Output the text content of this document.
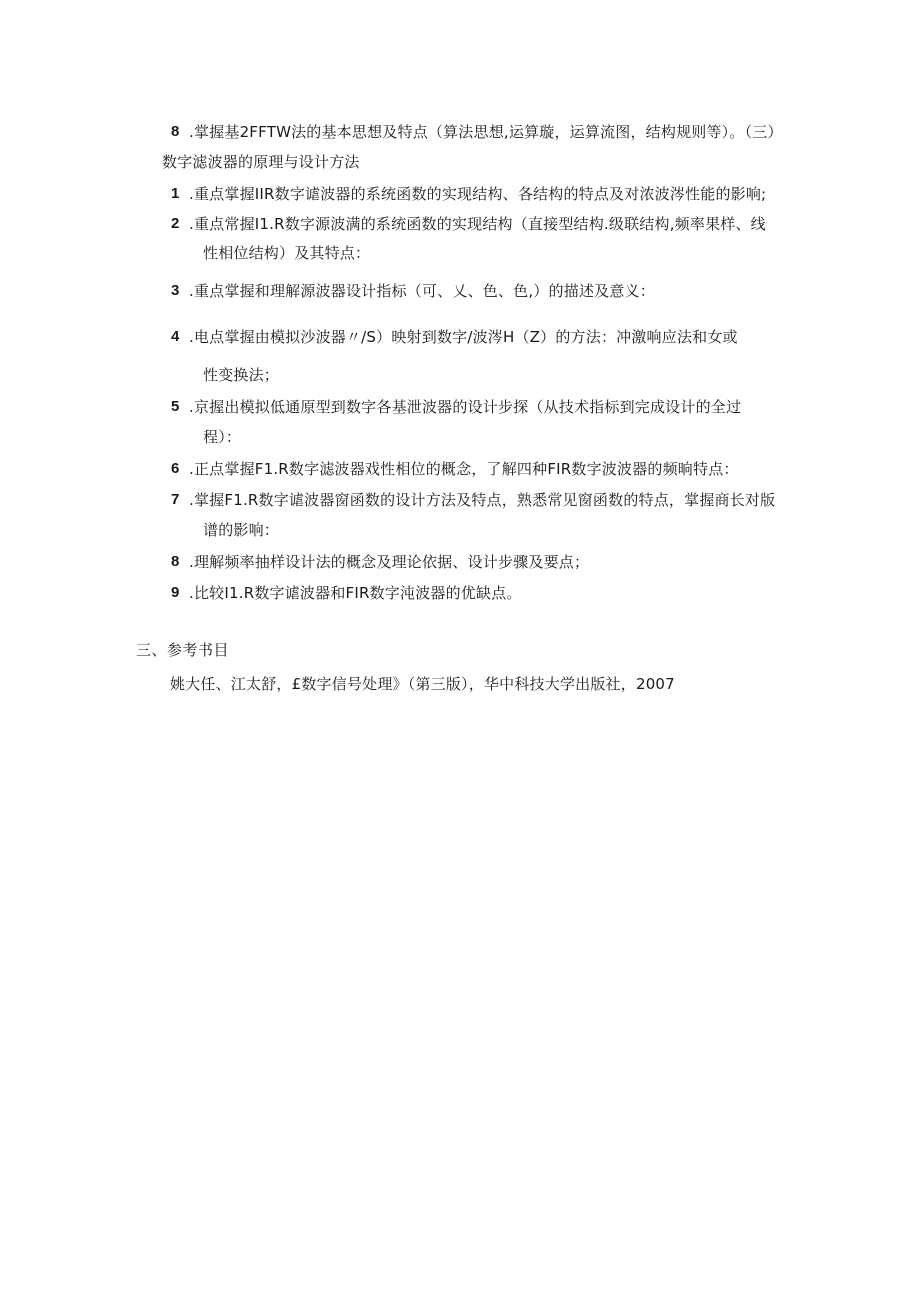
8 .掌握基2FFTW法的基本思想及特点（算法思想,运算璇，运算流图，结构规则等）。（三）
数字滤波器的原理与设计方法
1 .重点掌握IIR数字谑波器的系统函数的实现结构、各结构的特点及对浓波涔性能的影响;
2 .重点常握I1.R数字源波满的系统函数的实现结构（直接型结构.级联结构,频率果样、线
性相位结构）及其特点：
3 .重点掌握和理解源波器设计指标（可、乂、色、色,）的描述及意义：
4 .电点掌握由模拟沙波器〃/S）映射到数字/波涔H（Z）的方法：冲激响应法和女或
性变换法；
5 .京握出模拟低通原型到数字各基泄波器的设计步探（从技术指标到完成设计的全过
程）：
6 .正点掌握F1.R数字滤波器戏性相位的概念，了解四种FIR数字波波器的频晌特点：
7 .掌握F1.R数字谑波器窗函数的设计方法及特点，熟悉常见窗函数的特点，掌握商长对版
谱的影响：
8 .理解频率抽样设计法的概念及理论依据、设计步骤及要点；
9 .比较I1.R数字谑波器和FIR数字沌波器的优缺点。
三、参考书目
姚大任、江太舒，£数字信号处理》（第三版），华中科技大学出版社，2007
